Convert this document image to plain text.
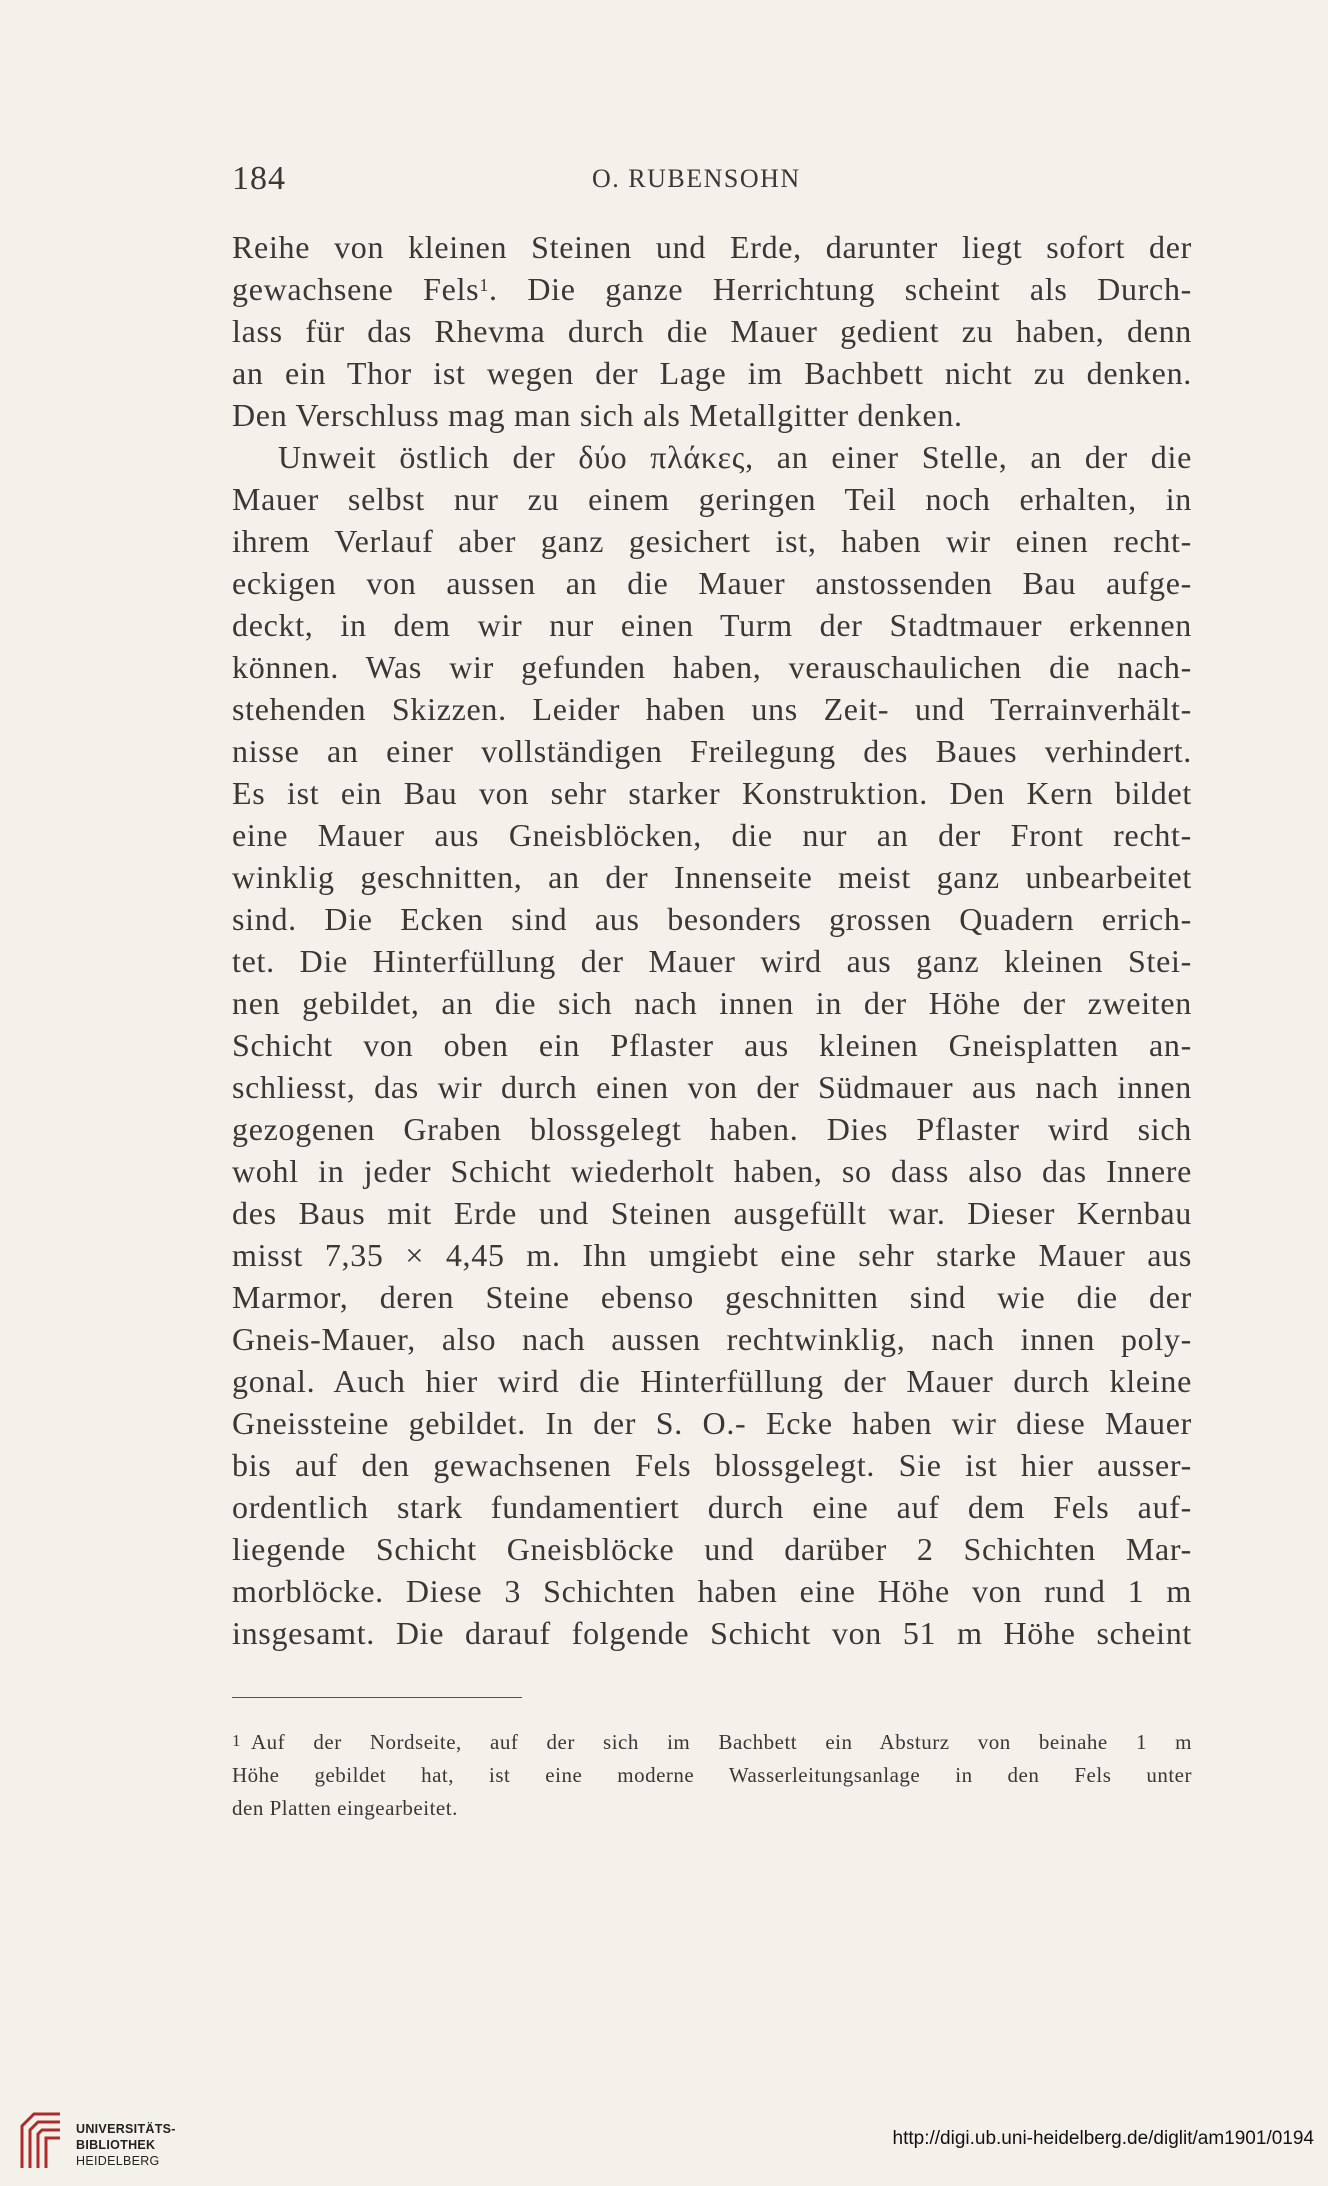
184	O. RUBENSOHN
Reihe von kleinen Steinen und Erde, darunter liegt sofort der
gewachsene Fels$^1$. Die ganze Herrichtung scheint als Durch-
lass für das Rhevma durch die Mauer gedient zu haben, denn
an ein Thor ist wegen der Lage im Bachbett nicht zu denken.
Den Verschluss mag man sich als Metallgitter denken.
Unweit östlich der δύο πλάκες, an einer Stelle, an der die
Mauer selbst nur zu einem geringen Teil noch erhalten, in
ihrem Verlauf aber ganz gesichert ist, haben wir einen recht-
eckigen von aussen an die Mauer anstossenden Bau aufge-
deckt, in dem wir nur einen Turm der Stadtmauer erkennen
können. Was wir gefunden haben, verauschaulichen die nach-
stehenden Skizzen. Leider haben uns Zeit- und Terrainverhält-
nisse an einer vollständigen Freilegung des Baues verhindert.
Es ist ein Bau von sehr starker Konstruktion. Den Kern bildet
eine Mauer aus Gneisblöcken, die nur an der Front recht-
winklig geschnitten, an der Innenseite meist ganz unbearbeitet
sind. Die Ecken sind aus besonders grossen Quadern errich-
tet. Die Hinterfüllung der Mauer wird aus ganz kleinen Stei-
nen gebildet, an die sich nach innen in der Höhe der zweiten
Schicht von oben ein Pflaster aus kleinen Gneisplatten an-
schliesst, das wir durch einen von der Südmauer aus nach innen
gezogenen Graben blossgelegt haben. Dies Pflaster wird sich
wohl in jeder Schicht wiederholt haben, so dass also das Innere
des Baus mit Erde und Steinen ausgefüllt war. Dieser Kernbau
misst 7,35 × 4,45 m. Ihn umgiebt eine sehr starke Mauer aus
Marmor, deren Steine ebenso geschnitten sind wie die der
Gneis-Mauer, also nach aussen rechtwinklig, nach innen poly-
gonal. Auch hier wird die Hinterfüllung der Mauer durch kleine
Gneissteine gebildet. In der S. O.- Ecke haben wir diese Mauer
bis auf den gewachsenen Fels blossgelegt. Sie ist hier ausser-
ordentlich stark fundamentiert durch eine auf dem Fels auf-
liegende Schicht Gneisblöcke und darüber 2 Schichten Mar-
morblöcke. Diese 3 Schichten haben eine Höhe von rund 1 m
insgesamt. Die darauf folgende Schicht von 51 m Höhe scheint
$^1$ Auf der Nordseite, auf der sich im Bachbett ein Absturz von beinahe 1 m
Höhe gebildet hat, ist eine moderne Wasserleitungsanlage in den Fels unter
den Platten eingearbeitet.
UNIVERSITÄTS-
BIBLIOTHEK
HEIDELBERG
http://digi.ub.uni-heidelberg.de/diglit/am1901/0194
